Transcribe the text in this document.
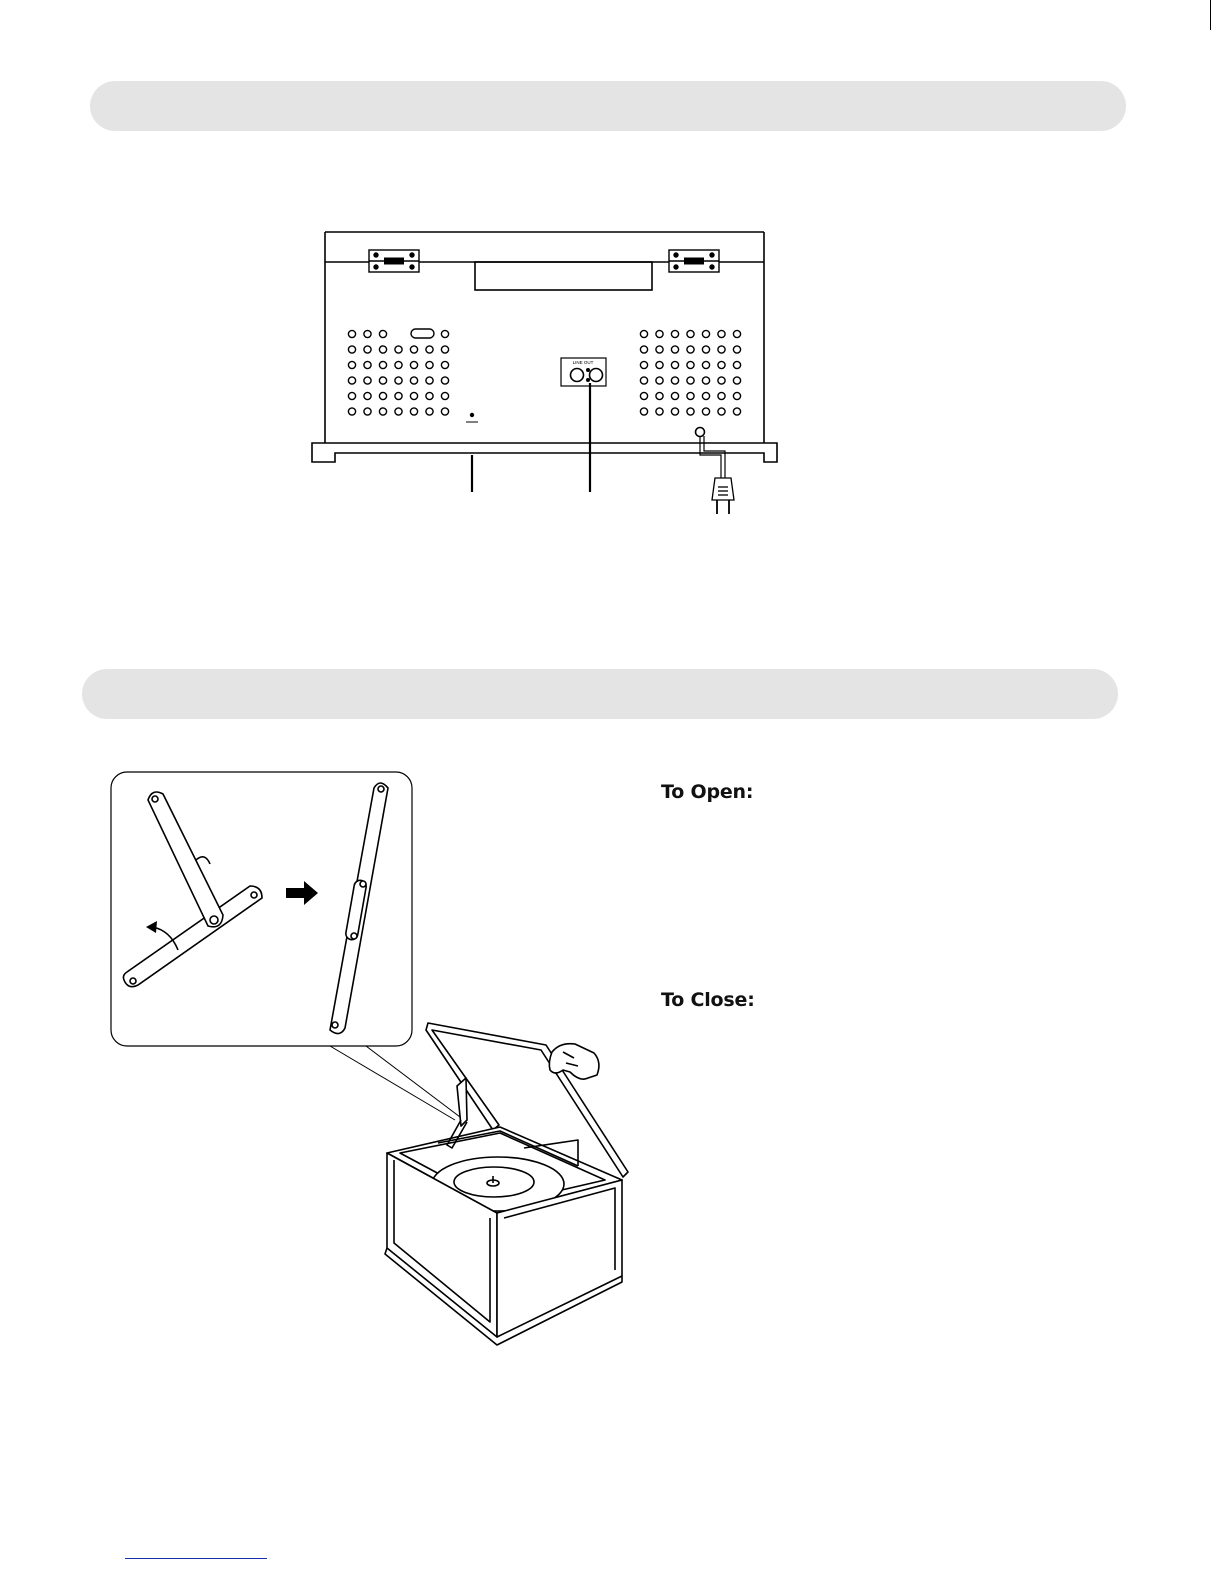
LINE OUT
To Open:
To Close:
